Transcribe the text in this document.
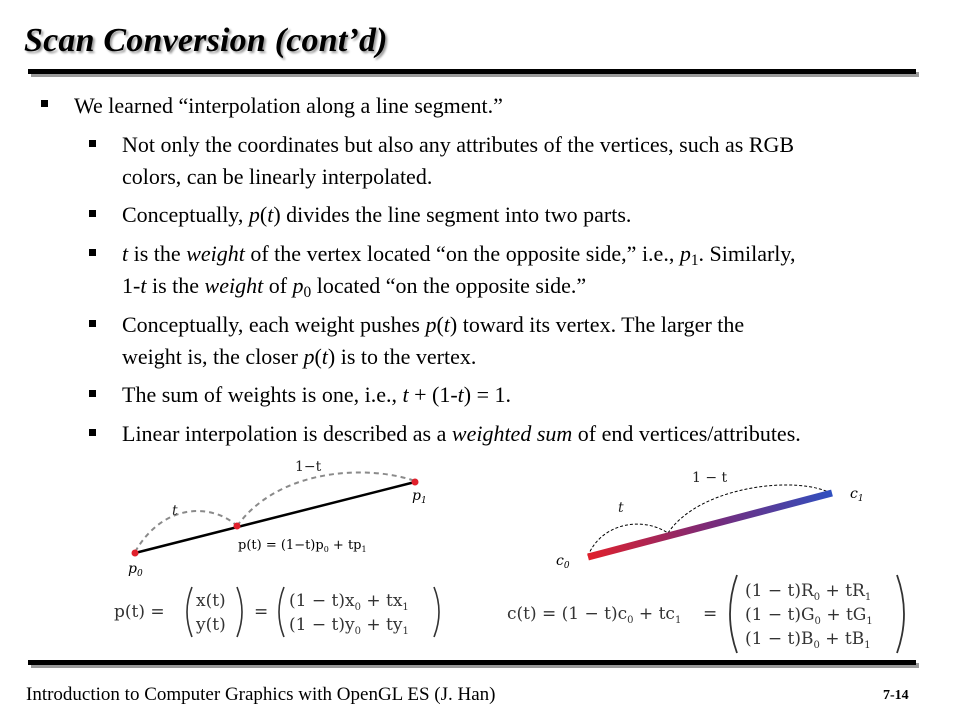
Scan Conversion (cont’d)
We learned “interpolation along a line segment.”
Not only the coordinates but also any attributes of the vertices, such as RGB
colors, can be linearly interpolated.
Conceptually, p(t) divides the line segment into two parts.
t is the weight of the vertex located “on the opposite side,” i.e., $p_1$. Similarly,
1-t is the weight of $p_0$ located “on the opposite side.”
Conceptually, each weight pushes p(t) toward its vertex. The larger the
weight is, the closer p(t) is to the vertex.
The sum of weights is one, i.e., t + (1-t) = 1.
Linear interpolation is described as a weighted sum of end vertices/attributes.
1−t
t
$p_1$
$p_0$
$p(t) = (1-t)p_0 + tp_1$
p(t) =
x(t)
y(t)
=
$(1 - t)x_0 + tx_1$
$(1 - t)y_0 + ty_1$
1 − t
t
$c_0$
$c_1$
$c(t) = (1 - t)c_0 + tc_1$ =
$(1 - t)R_0 + tR_1$
$(1 - t)G_0 + tG_1$
$(1 - t)B_0 + tB_1$
Introduction to Computer Graphics with OpenGL ES (J. Han)	7-14
